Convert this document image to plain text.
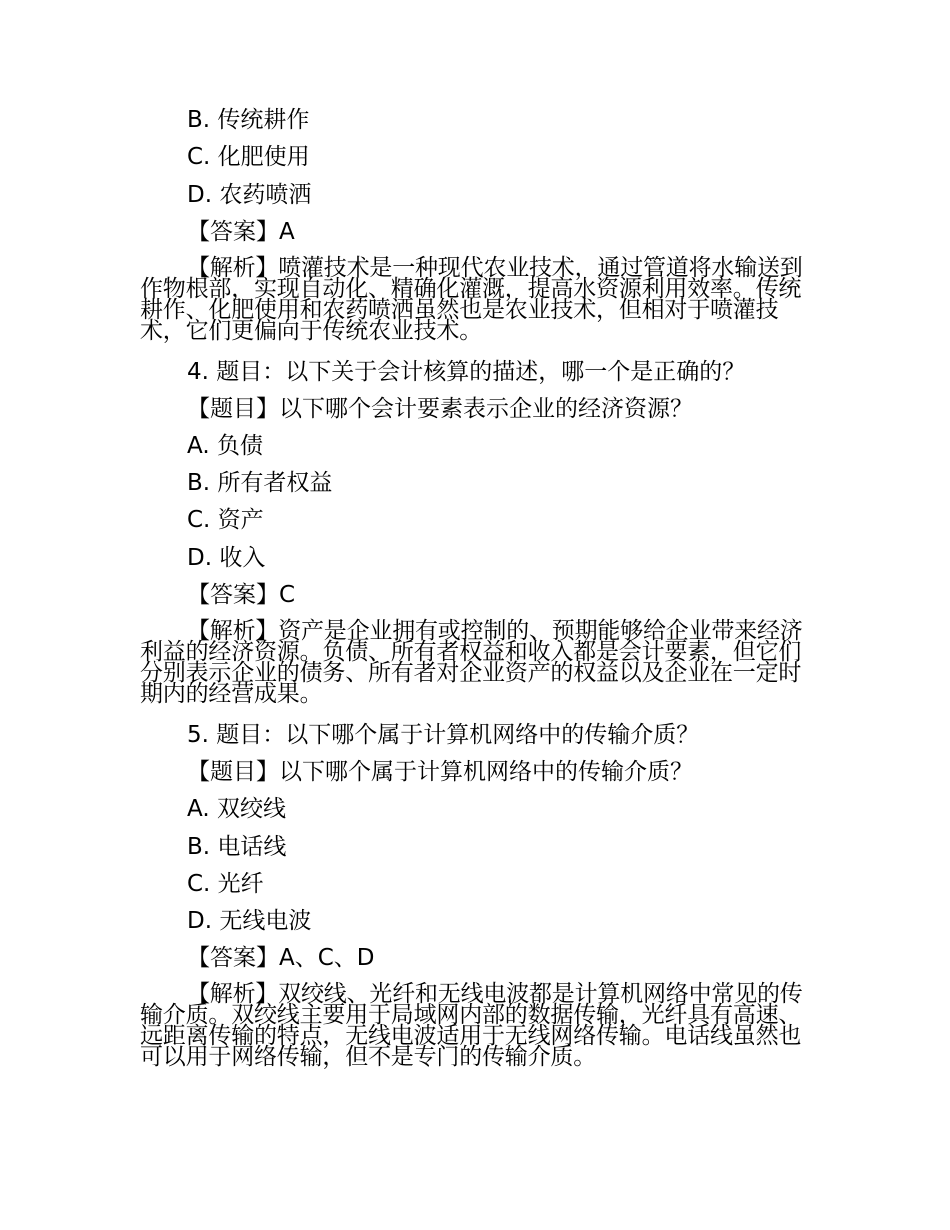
B. 传统耕作
C. 化肥使用
D. 农药喷洒
【答案】A
【解析】喷灌技术是一种现代农业技术，通过管道将水输送到作物根部，实现自动化、精确化灌溉，提高水资源利用效率。传统耕作、化肥使用和农药喷洒虽然也是农业技术，但相对于喷灌技术，它们更偏向于传统农业技术。
4. 题目：以下关于会计核算的描述，哪一个是正确的？
【题目】以下哪个会计要素表示企业的经济资源？
A. 负债
B. 所有者权益
C. 资产
D. 收入
【答案】C
【解析】资产是企业拥有或控制的、预期能够给企业带来经济利益的经济资源。负债、所有者权益和收入都是会计要素，但它们分别表示企业的债务、所有者对企业资产的权益以及企业在一定时期内的经营成果。
5. 题目：以下哪个属于计算机网络中的传输介质？
【题目】以下哪个属于计算机网络中的传输介质？
A. 双绞线
B. 电话线
C. 光纤
D. 无线电波
【答案】A、C、D
【解析】双绞线、光纤和无线电波都是计算机网络中常见的传输介质。双绞线主要用于局域网内部的数据传输，光纤具有高速、远距离传输的特点，无线电波适用于无线网络传输。电话线虽然也可以用于网络传输，但不是专门的传输介质。
